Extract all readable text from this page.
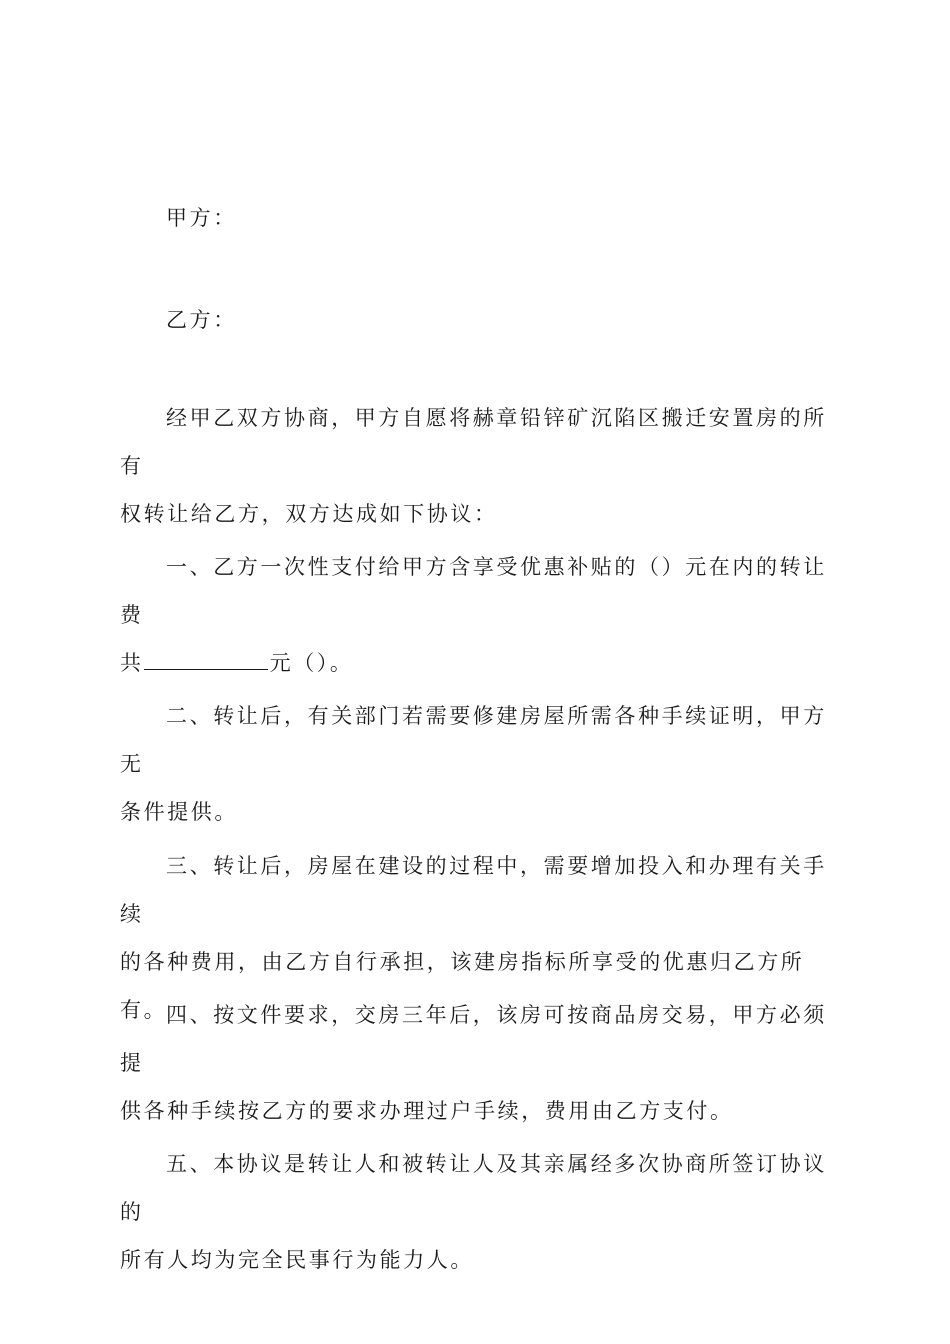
甲方：

乙方：

经甲乙双方协商，甲方自愿将赫章铅锌矿沉陷区搬迁安置房的所有
权转让给乙方，双方达成如下协议：
一、乙方一次性支付给甲方含享受优惠补贴的（）元在内的转让费
共	元（）。
二、转让后，有关部门若需要修建房屋所需各种手续证明，甲方无
条件提供。
三、转让后，房屋在建设的过程中，需要增加投入和办理有关手续
的各种费用，由乙方自行承担，该建房指标所享受的优惠归乙方所有。
四、按文件要求，交房三年后，该房可按商品房交易，甲方必须提
供各种手续按乙方的要求办理过户手续，费用由乙方支付。
五、本协议是转让人和被转让人及其亲属经多次协商所签订协议的
所有人均为完全民事行为能力人。
